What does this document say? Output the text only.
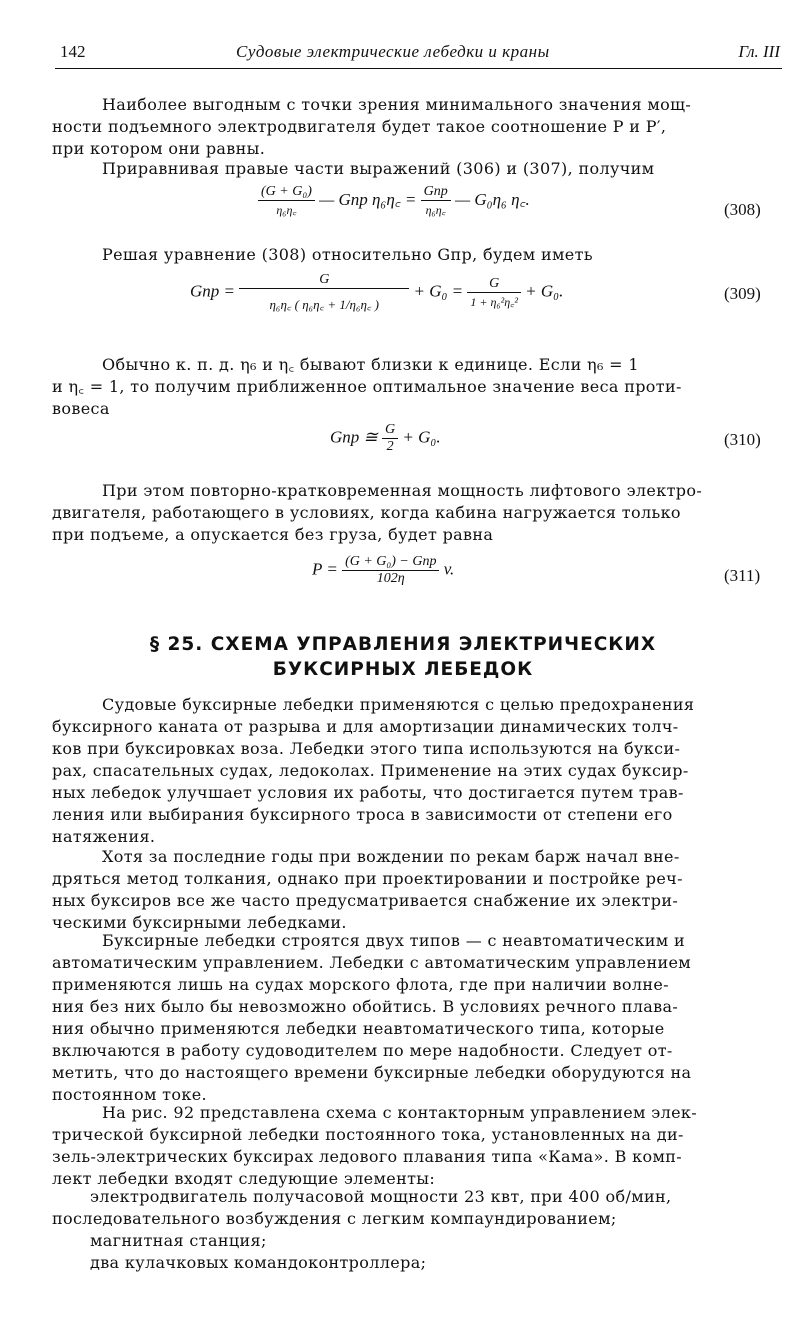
142	Судовые электрические лебедки и краны	Гл. III
Наиболее выгодным с точки зрения минимального значения мощ-
ности подъемного электродвигателя будет такое соотношение P и P′,
при котором они равны.
Приравнивая правые части выражений (306) и (307), получим
$\frac{\text{(G + G₀)}}{\text{η₆η꜀}}$ — Gпр η₆η꜀ = $\frac{\text{Gпр}}{\text{η₆η꜀}}$ — G₀η₆ η꜀.
(308)
Решая уравнение (308) относительно Gпр, будем иметь
Gпр = $\frac{G}{\text{η₆η꜀ ( η₆η꜀ + 1/η₆η꜀ )}} + G_0 = \frac{G}{\text{1 + η₆²η꜀²}} + G_0$.	(309)
Обычно к. п. д. η₆ и η꜀ бывают близки к единице. Если η₆ = 1
и η꜀ = 1, то получим приближенное оптимальное значение веса проти-
вовеса
Gпр ≅ $\frac{G}{2} + G_0$.	(310)
При этом повторно-кратковременная мощность лифтового электро-
двигателя, работающего в условиях, когда кабина нагружается только
при подъеме, а опускается без груза, будет равна
$P = \frac{\text{(G + G₀) − Gпр}}{102\eta} v$.	(311)
§ 25. СХЕМА УПРАВЛЕНИЯ ЭЛЕКТРИЧЕСКИХ
БУКСИРНЫХ ЛЕБЕДОК
Судовые буксирные лебедки применяются с целью предохранения
буксирного каната от разрыва и для амортизации динамических толч-
ков при буксировках воза. Лебедки этого типа используются на букси-
рах, спасательных судах, ледоколах. Применение на этих судах буксир-
ных лебедок улучшает условия их работы, что достигается путем трав-
ления или выбирания буксирного троса в зависимости от степени его
натяжения.
Хотя за последние годы при вождении по рекам барж начал вне-
дряться метод толкания, однако при проектировании и постройке реч-
ных буксиров все же часто предусматривается снабжение их электри-
ческими буксирными лебедками.
Буксирные лебедки строятся двух типов — с неавтоматическим и
автоматическим управлением. Лебедки с автоматическим управлением
применяются лишь на судах морского флота, где при наличии волне-
ния без них было бы невозможно обойтись. В условиях речного плава-
ния обычно применяются лебедки неавтоматического типа, которые
включаются в работу судоводителем по мере надобности. Следует от-
метить, что до настоящего времени буксирные лебедки оборудуются на
постоянном токе.
На рис. 92 представлена схема с контакторным управлением элек-
трической буксирной лебедки постоянного тока, установленных на ди-
зель-электрических буксирах ледового плавания типа «Кама». В комп-
лект лебедки входят следующие элементы:
электродвигатель получасовой мощности 23 квт, при 400 об/мин,
последовательного возбуждения с легким компаундированием;
магнитная станция;
два кулачковых командоконтроллера;
